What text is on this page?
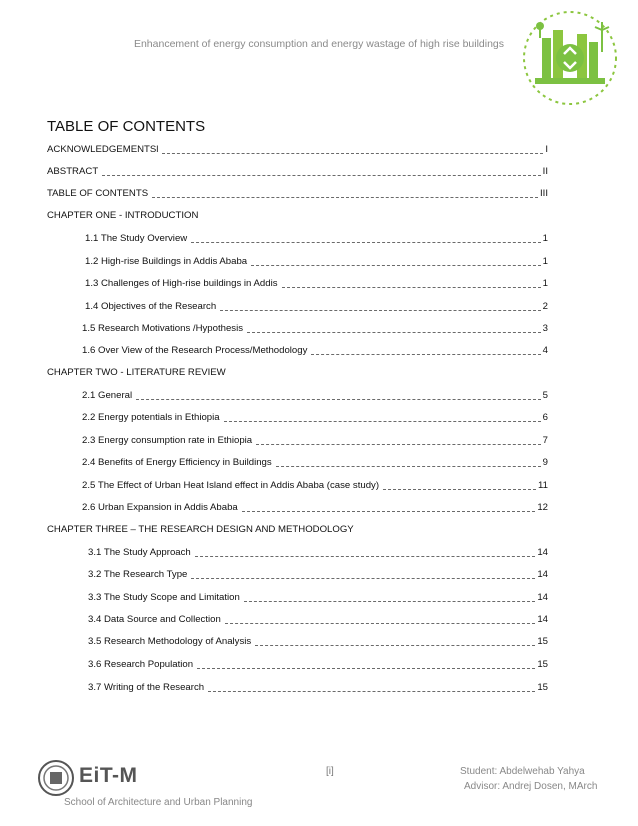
Enhancement of energy consumption and energy wastage of high rise buildings
TABLE OF CONTENTS
ACKNOWLEDGEMENTSl	I
ABSTRACT	II
TABLE OF CONTENTS	III
CHAPTER ONE - INTRODUCTION
1.1 The Study Overview	1
1.2 High-rise Buildings in Addis Ababa	1
1.3 Challenges of High-rise buildings in Addis	1
1.4 Objectives of the Research	2
1.5 Research Motivations /Hypothesis	3
1.6 Over View of the Research Process/Methodology	4
CHAPTER TWO - LITERATURE REVIEW
2.1 General	5
2.2 Energy potentials in Ethiopia	6
2.3 Energy consumption rate in Ethiopia	7
2.4 Benefits of Energy Efficiency in Buildings	9
2.5 The Effect of Urban Heat Island effect in Addis Ababa (case study)	11
2.6 Urban Expansion in Addis Ababa	12
CHAPTER THREE – THE RESEARCH DESIGN AND METHODOLOGY
3.1 The Study Approach	14
3.2 The Research Type	14
3.3 The Study Scope and Limitation	14
3.4 Data Source and Collection	14
3.5 Research Methodology of Analysis	15
3.6 Research Population	15
3.7 Writing of the Research	15
EiT-M	[i]	Student: Abdelwehab Yahya
Advisor: Andrej Dosen, MArch
School of Architecture and Urban Planning
